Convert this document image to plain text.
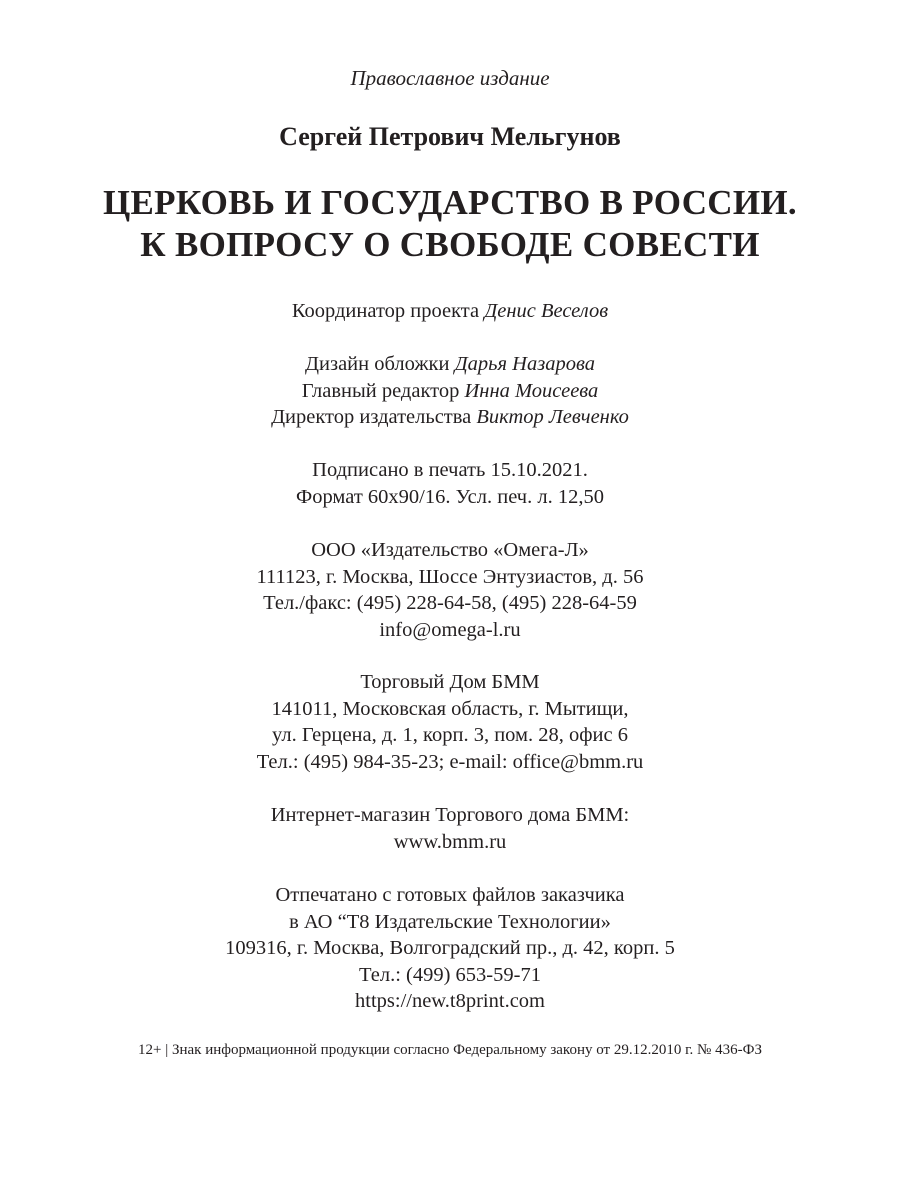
Православное издание
Сергей Петрович Мельгунов
ЦЕРКОВЬ И ГОСУДАРСТВО В РОССИИ.
К ВОПРОСУ О СВОБОДЕ СОВЕСТИ
Координатор проекта Денис Веселов
Дизайн обложки Дарья Назарова
Главный редактор Инна Моисеева
Директор издательства Виктор Левченко
Подписано в печать 15.10.2021.
Формат 60х90/16. Усл. печ. л. 12,50
ООО «Издательство «Омега-Л»
111123, г. Москва, Шоссе Энтузиастов, д. 56
Тел./факс: (495) 228-64-58, (495) 228-64-59
info@omega-l.ru
Торговый Дом БММ
141011, Московская область, г. Мытищи,
ул. Герцена, д. 1, корп. 3, пом. 28, офис 6
Тел.: (495) 984-35-23; e-mail: office@bmm.ru
Интернет-магазин Торгового дома БММ:
www.bmm.ru
Отпечатано с готовых файлов заказчика
в АО “Т8 Издательские Технологии»
109316, г. Москва, Волгоградский пр., д. 42, корп. 5
Тел.: (499) 653-59-71
https://new.t8print.com
12+ | Знак информационной продукции согласно Федеральному закону от 29.12.2010 г. № 436-ФЗ
